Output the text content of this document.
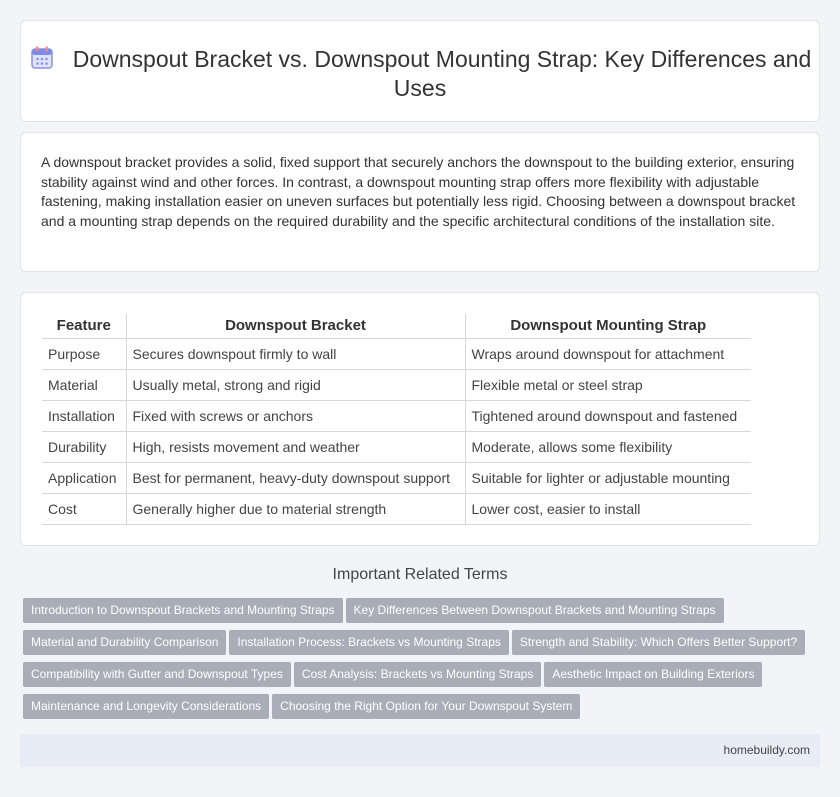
Downspout Bracket vs. Downspout Mounting Strap: Key Differences and Uses

A downspout bracket provides a solid, fixed support that securely anchors the downspout to the building exterior, ensuring stability against wind and other forces. In contrast, a downspout mounting strap offers more flexibility with adjustable fastening, making installation easier on uneven surfaces but potentially less rigid. Choosing between a downspout bracket and a mounting strap depends on the required durability and the specific architectural conditions of the installation site.

Feature	Downspout Bracket	Downspout Mounting Strap
Purpose	Secures downspout firmly to wall	Wraps around downspout for attachment
Material	Usually metal, strong and rigid	Flexible metal or steel strap
Installation	Fixed with screws or anchors	Tightened around downspout and fastened
Durability	High, resists movement and weather	Moderate, allows some flexibility
Application	Best for permanent, heavy-duty downspout support	Suitable for lighter or adjustable mounting
Cost	Generally higher due to material strength	Lower cost, easier to install
Important Related Terms
Introduction to Downspout Brackets and Mounting Straps Key Differences Between Downspout Brackets and Mounting Straps
Material and Durability Comparison Installation Process: Brackets vs Mounting Straps Strength and Stability: Which Offers Better Support?
Compatibility with Gutter and Downspout Types Cost Analysis: Brackets vs Mounting Straps Aesthetic Impact on Building Exteriors
Maintenance and Longevity Considerations Choosing the Right Option for Your Downspout System
homebuildy.com
